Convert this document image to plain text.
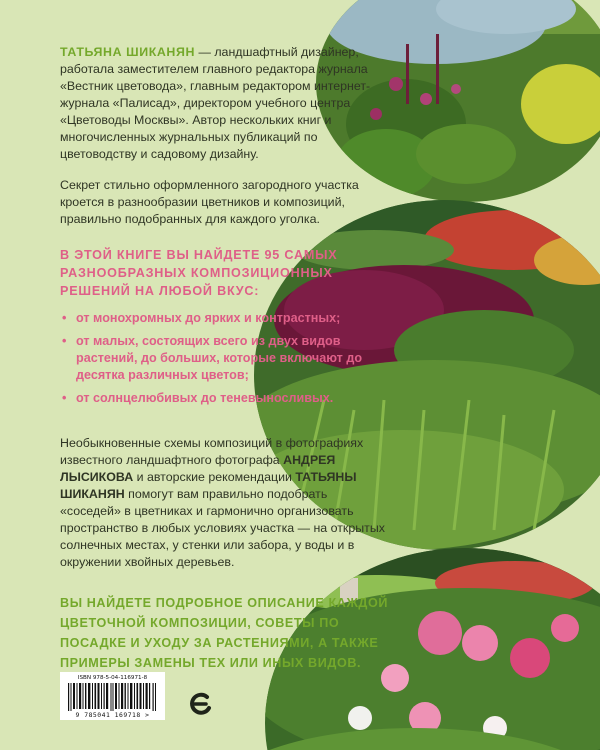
ТАТЬЯНА ШИКАНЯН — ландшафтный дизайнер, работала заместителем главного редактора журнала «Вестник цветовода», главным редактором интернет-журнала «Палисад», директором учебного центра «Цветоводы Москвы». Автор нескольких книг и многочисленных журнальных публикаций по цветоводству и садовому дизайну.

Секрет стильно оформленного загородного участка кроется в разнообразии цветников и композиций, правильно подобранных для каждого уголка.

В ЭТОЙ КНИГЕ ВЫ НАЙДЕТЕ 95 САМЫХ РАЗНООБРАЗНЫХ КОМПОЗИЦИОННЫХ РЕШЕНИЙ НА ЛЮБОЙ ВКУС:
• от монохромных до ярких и контрастных;
• от малых, состоящих всего из двух видов растений, до больших, которые включают до десятка различных цветов;
• от солнцелюбивых до теневыносливых.

Необыкновенные схемы композиций в фотографиях известного ландшафтного фотографа АНДРЕЯ ЛЫСИКОВА и авторские рекомендации ТАТЬЯНЫ ШИКАНЯН помогут вам правильно подобрать «соседей» в цветниках и гармонично организовать пространство в любых условиях участка — на открытых солнечных местах, у стенки или забора, у воды и в окружении хвойных деревьев.

ВЫ НАЙДЕТЕ ПОДРОБНОЕ ОПИСАНИЕ КАЖДОЙ ЦВЕТОЧНОЙ КОМПОЗИЦИИ, СОВЕТЫ ПО ПОСАДКЕ И УХОДУ ЗА РАСТЕНИЯМИ, А ТАКЖЕ ПРИМЕРЫ ЗАМЕНЫ ТЕХ ИЛИ ИНЫХ ВИДОВ.
ISBN 978-5-04-116971-8
9 785041 169718 >
